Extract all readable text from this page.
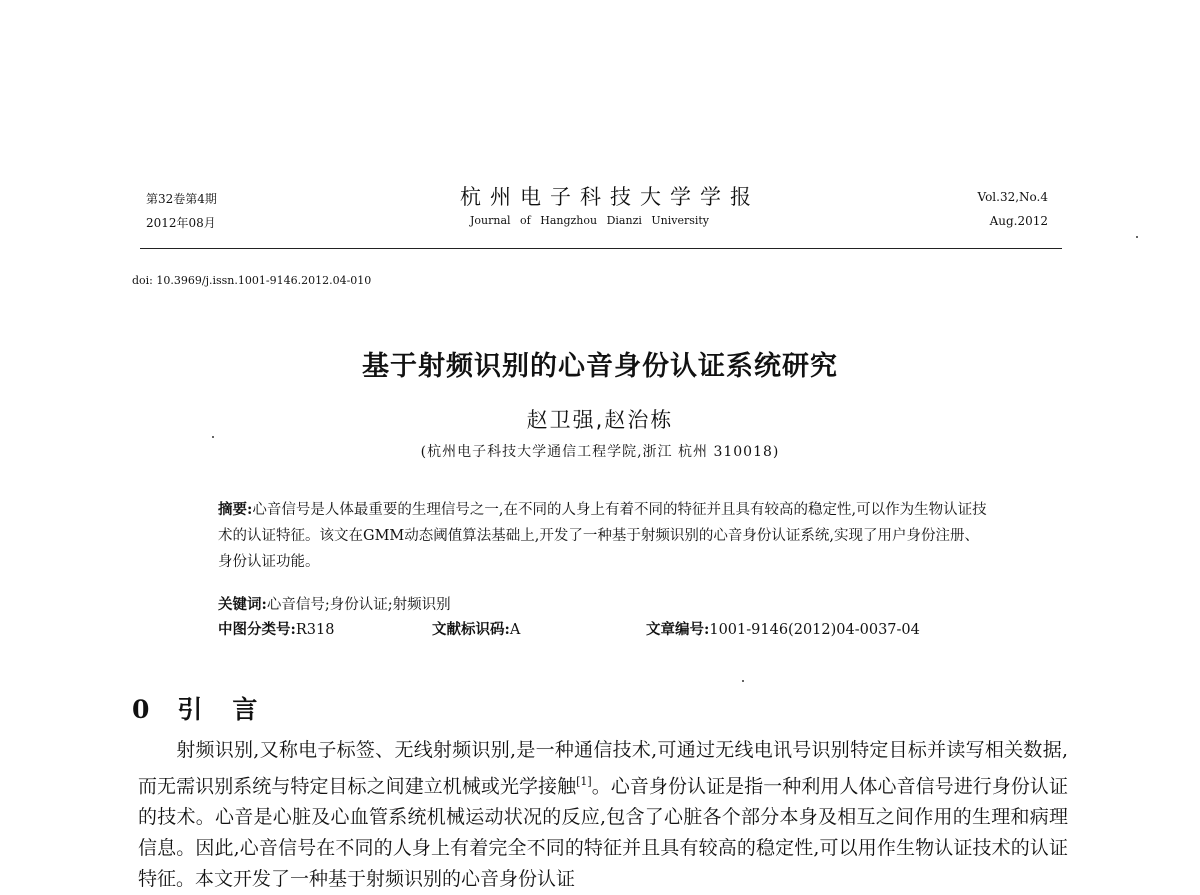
第32卷第4期
2012年08月
杭州电子科技大学学报
Journal of Hangzhou Dianzi University
Vol.32,No.4
Aug.2012
doi: 10.3969/j.issn.1001-9146.2012.04-010
基于射频识别的心音身份认证系统研究
赵卫强,赵治栋
(杭州电子科技大学通信工程学院,浙江 杭州 310018)
摘要:心音信号是人体最重要的生理信号之一,在不同的人身上有着不同的特征并且具有较高的稳定性,可以作为生物认证技术的认证特征。该文在GMM动态阈值算法基础上,开发了一种基于射频识别的心音身份认证系统,实现了用户身份注册、身份认证功能。
关键词:心音信号;身份认证;射频识别
中图分类号:R318	文献标识码:A	文章编号:1001-9146(2012)04-0037-04
0 引言
  射频识别,又称电子标签、无线射频识别,是一种通信技术,可通过无线电讯号识别特定目标并读写相关数据,而无需识别系统与特定目标之间建立机械或光学接触[1]。心音身份认证是指一种利用人体心音信号进行身份认证的技术。心音是心脏及心血管系统机械运动状况的反应,包含了心脏各个部分本身及相互之间作用的生理和病理信息。因此,心音信号在不同的人身上有着完全不同的特征并且具有较高的稳定性,可以用作生物认证技术的认证特征。本文开发了一种基于射频识别的心音身份认证
